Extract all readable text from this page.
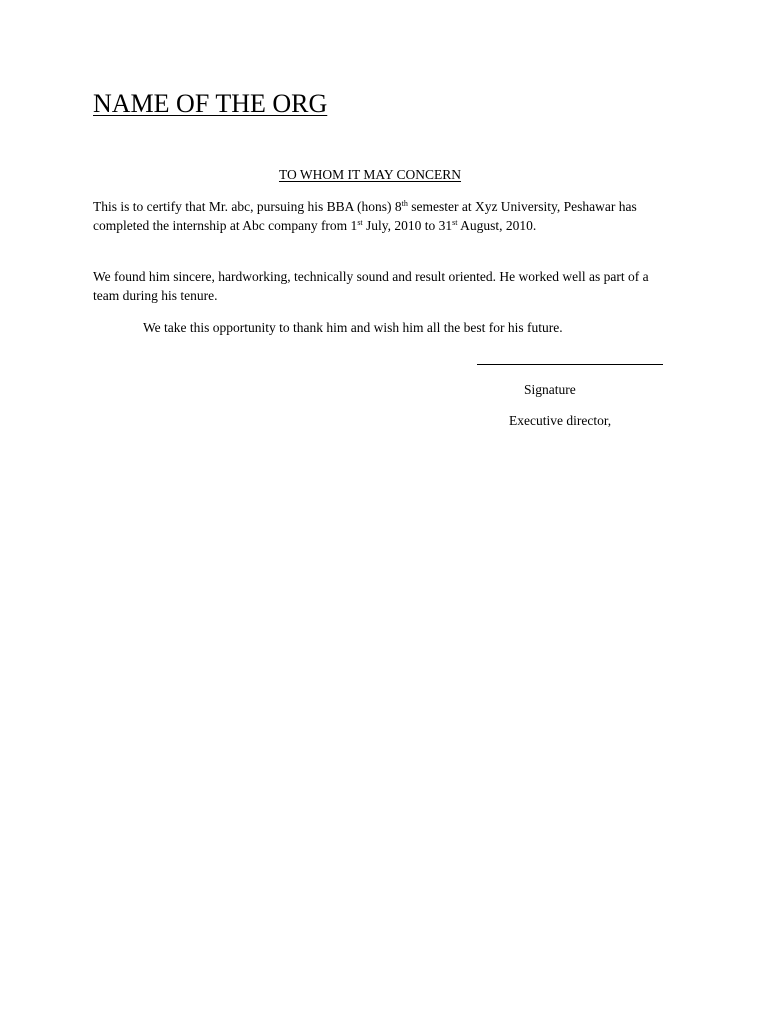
NAME OF THE ORG
TO WHOM IT MAY CONCERN

This is to certify that Mr. abc, pursuing his BBA (hons) 8th semester at Xyz University, Peshawar has completed the internship at Abc company from 1st July, 2010 to 31st August, 2010.

We found him sincere, hardworking, technically sound and result oriented. He worked well as part of a team during his tenure.

We take this opportunity to thank him and wish him all the best for his future.

Signature
Executive director,
